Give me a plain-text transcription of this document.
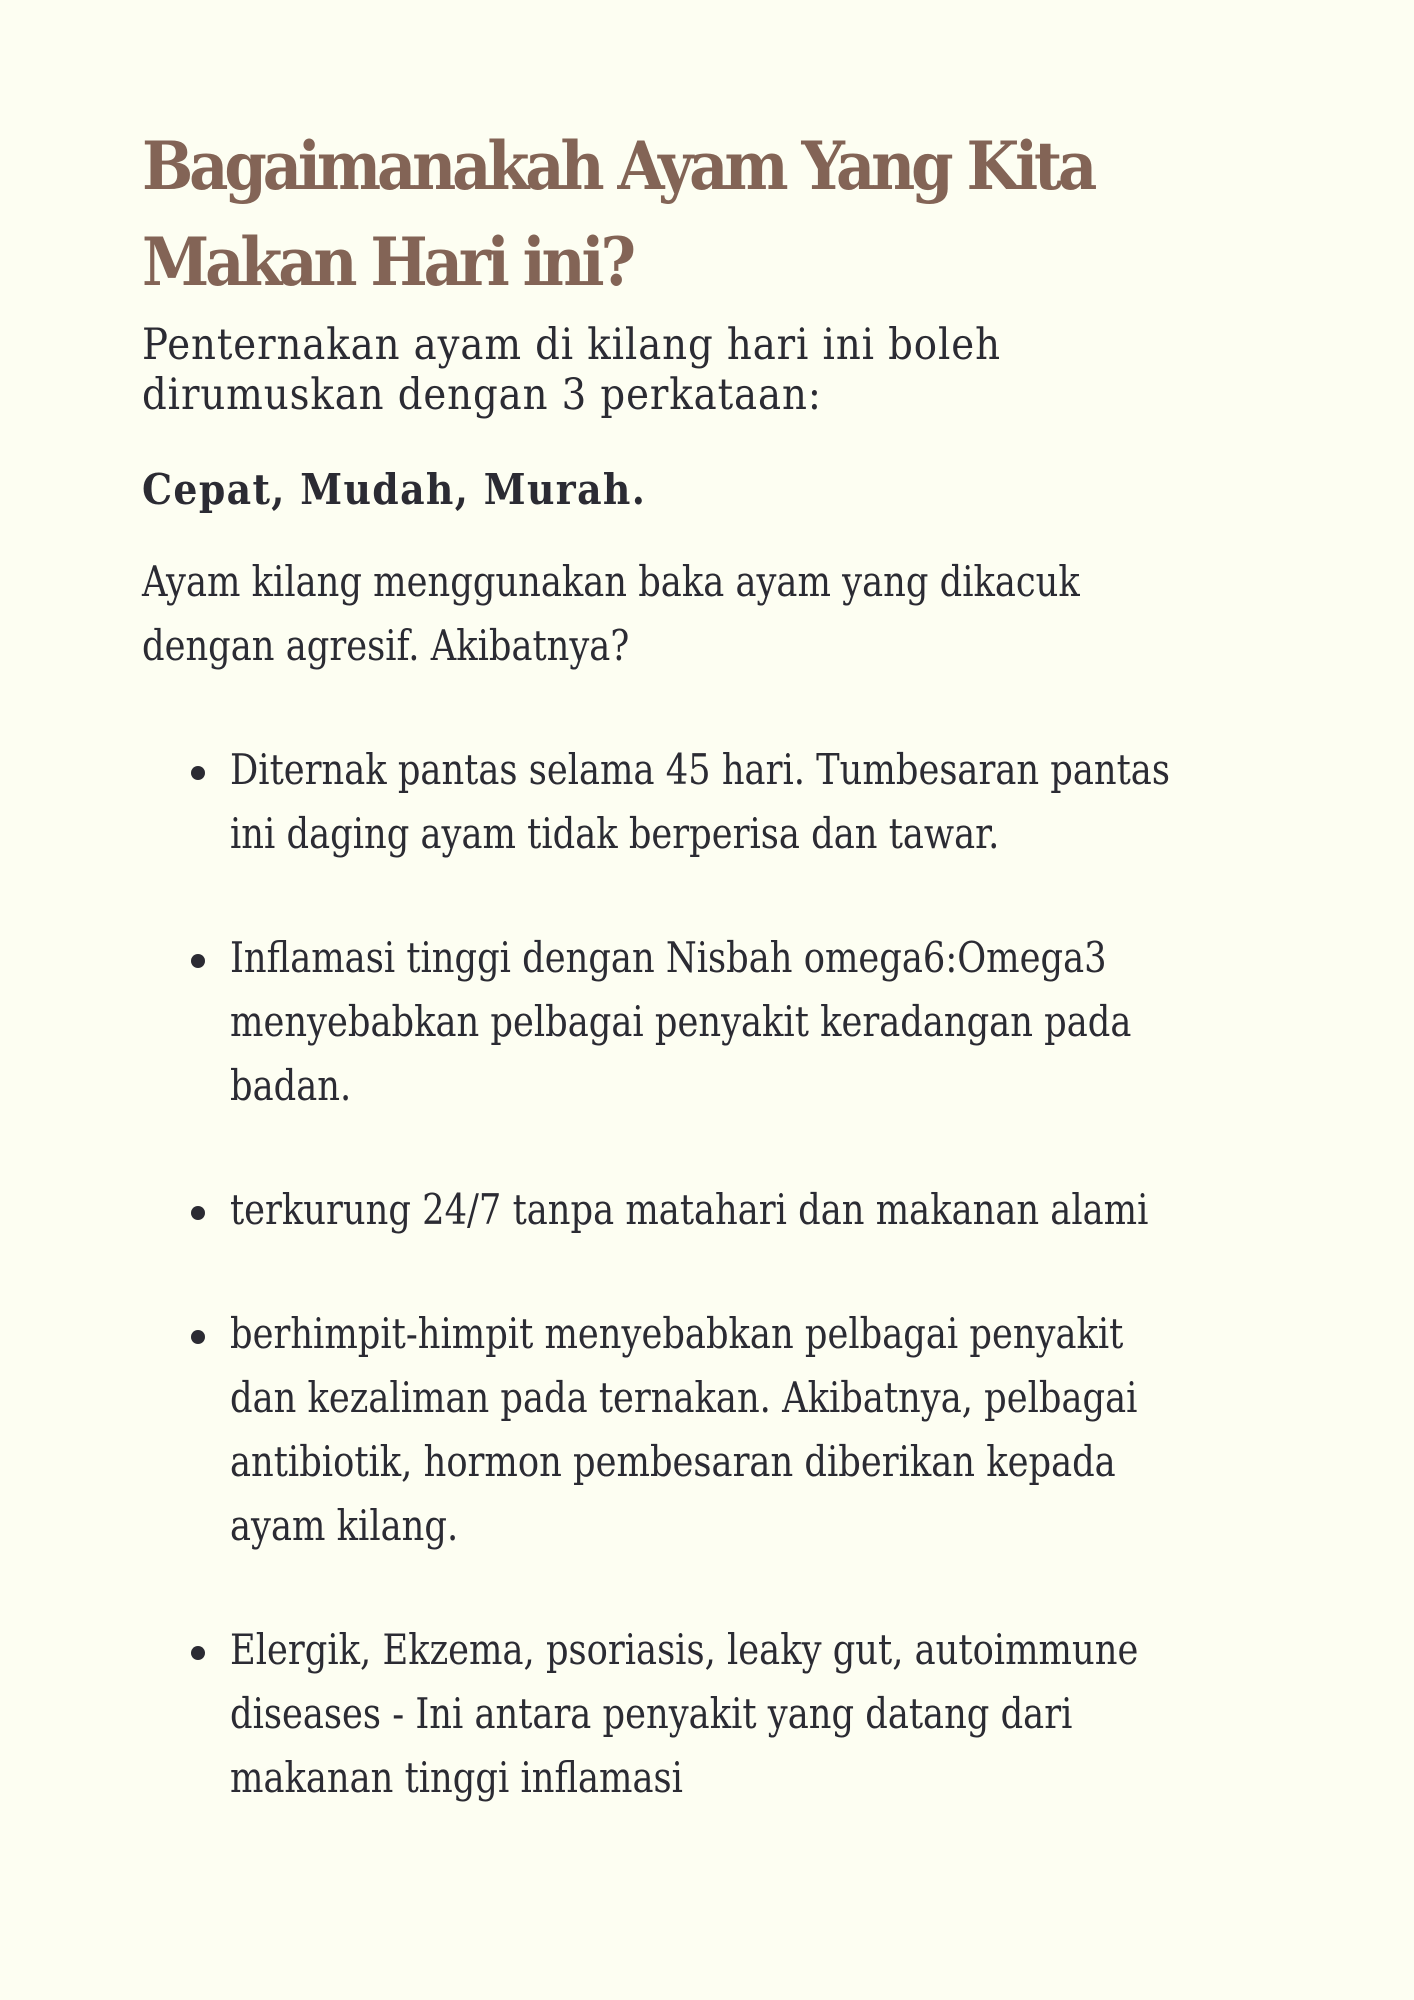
Bagaimanakah Ayam Yang Kita
Makan Hari ini?

Penternakan ayam di kilang hari ini boleh
dirumuskan dengan 3 perkataan:

Cepat, Mudah, Murah.

Ayam kilang menggunakan baka ayam yang dikacuk
dengan agresif. Akibatnya?

Diternak pantas selama 45 hari. Tumbesaran pantas
ini daging ayam tidak berperisa dan tawar.
Inflamasi tinggi dengan Nisbah omega6:Omega3
menyebabkan pelbagai penyakit keradangan pada
badan.
terkurung 24/7 tanpa matahari dan makanan alami
berhimpit-himpit menyebabkan pelbagai penyakit
dan kezaliman pada ternakan. Akibatnya, pelbagai
antibiotik, hormon pembesaran diberikan kepada
ayam kilang.
Elergik, Ekzema, psoriasis, leaky gut, autoimmune
diseases - Ini antara penyakit yang datang dari
makanan tinggi inflamasi
